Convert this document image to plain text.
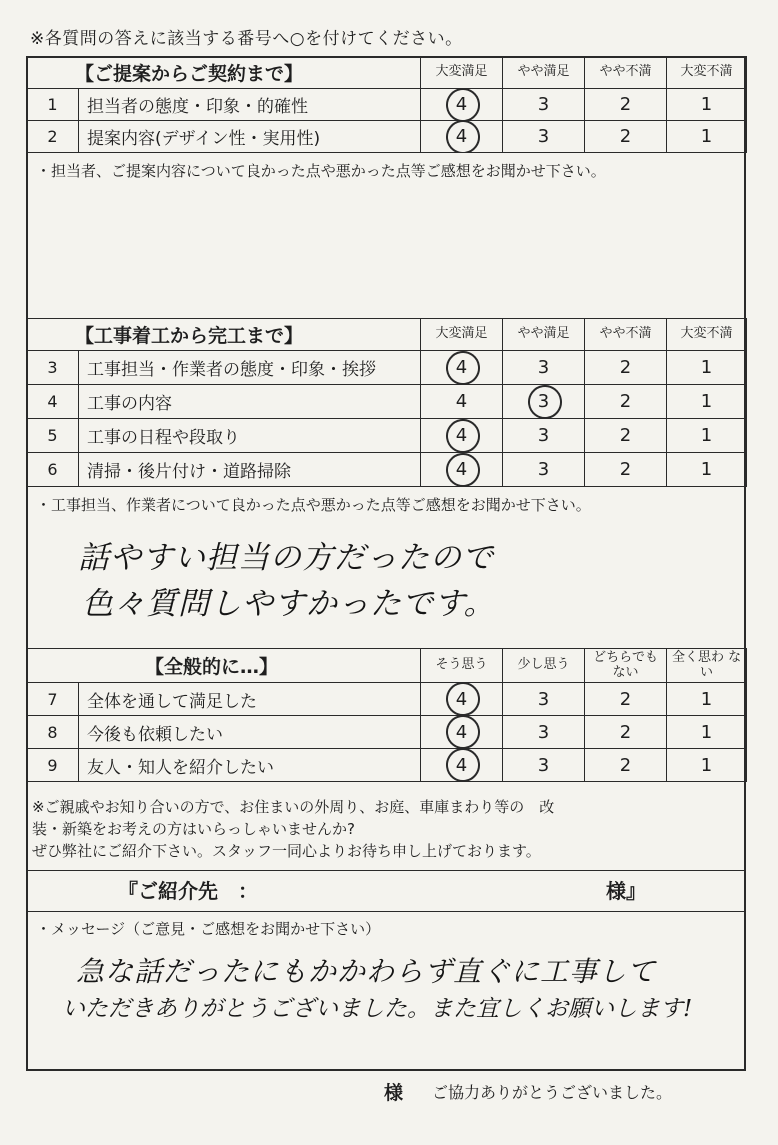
※各質問の答えに該当する番号へ○を付けてください。
【ご提案からご契約まで】		大変満足	やや満足	やや不満	大変不満
1	担当者の態度・印象・的確性	4	3	2	1
2	提案内容(デザイン性・実用性)	4	3	2	1
・担当者、ご提案内容について良かった点や悪かった点等ご感想をお聞かせ下さい。
【工事着工から完工まで】		大変満足	やや満足	やや不満	大変不満
3	工事担当・作業者の態度・印象・挨拶	4	3	2	1
4	工事の内容	4	3	2	1
5	工事の日程や段取り	4	3	2	1
6	清掃・後片付け・道路掃除	4	3	2	1
・工事担当、作業者について良かった点や悪かった点等ご感想をお聞かせ下さい。
話やすい担当の方だったので
色々質問しやすかったです。
【全般的に…】		そう思う	少し思う	どちらでも ない	全く思わ ない
7	全体を通して満足した	4	3	2	1
8	今後も依頼したい	4	3	2	1
9	友人・知人を紹介したい	4	3	2	1
※ご親戚やお知り合いの方で、お住まいの外周り、お庭、車庫まわり等の　改
装・新築をお考えの方はいらっしゃいませんか?
ぜひ弊社にご紹介下さい。スタッフ一同心よりお待ち申し上げております。
『ご紹介先　：	様』
・メッセージ（ご意見・ご感想をお聞かせ下さい）
急な話だったにもかかわらず直ぐに工事して
いただきありがとうございました。また宜しくお願いします!
様 ご協力ありがとうございました。
